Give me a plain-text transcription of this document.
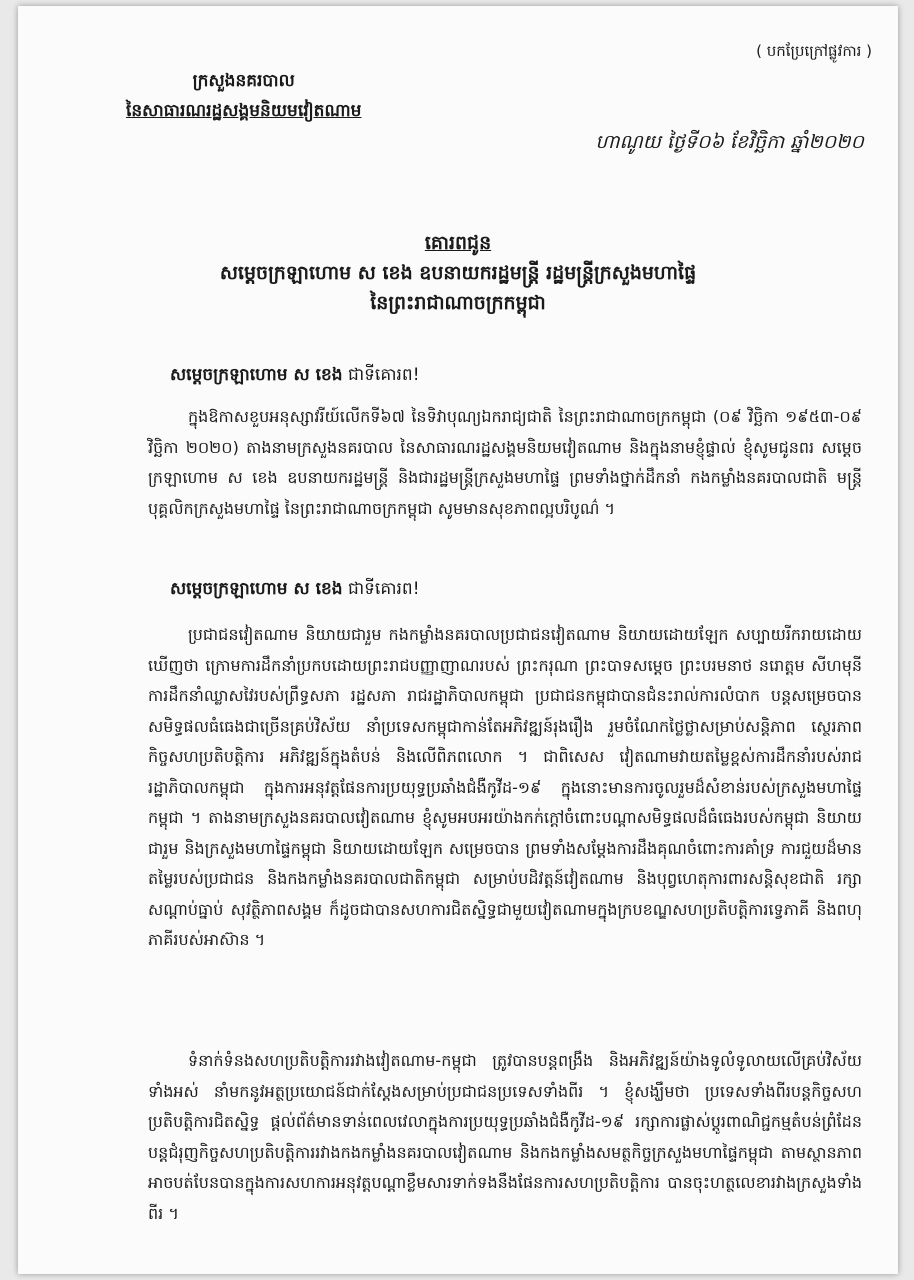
( បកប្រែក្រៅផ្លូវការ )
ក្រសួងនគរបាល
នៃសាធារណរដ្ឋសង្គមនិយមវៀតណាម
ហាណូយ ថ្ងៃទី០៦ ខែវិច្ឆិកា ឆ្នាំ២០២០
គោរពជូន
សម្តេចក្រឡាហោម ស ខេង ឧបនាយករដ្ឋមន្ត្រី រដ្ឋមន្ត្រីក្រសួងមហាផ្ទៃ
នៃព្រះរាជាណាចក្រកម្ពុជា
សម្តេចក្រឡាហោម ស ខេង ជាទីគោរព!
ក្នុងឱកាសខួបអនុស្សាវរីយ៍លើកទី៦៧ នៃទិវាបុណ្យឯករាជ្យជាតិ នៃព្រះរាជាណាចក្រកម្ពុជា (០៩ វិច្ឆិកា ១៩៥៣-០៩ វិច្ឆិកា ២០២០) តាងនាមក្រសួងនគរបាល នៃសាធារណរដ្ឋសង្គមនិយមវៀតណាម និងក្នុងនាមខ្ញុំផ្ទាល់ ខ្ញុំសូមជូនពរ សម្តេចក្រឡាហោម ស ខេង ឧបនាយករដ្ឋមន្ត្រី និងជារដ្ឋមន្ត្រីក្រសួងមហាផ្ទៃ ព្រមទាំងថ្នាក់ដឹកនាំ កងកម្លាំងនគរបាលជាតិ មន្ត្រី បុគ្គលិកក្រសួងមហាផ្ទៃ នៃព្រះរាជាណាចក្រកម្ពុជា សូមមានសុខភាពល្អបរិបូណ៌ ។
សម្តេចក្រឡាហោម ស ខេង ជាទីគោរព!
ប្រជាជនវៀតណាម និយាយជារួម កងកម្លាំងនគរបាលប្រជាជនវៀតណាម និយាយដោយឡែក សប្បាយរីករាយដោយឃើញថា ក្រោមការដឹកនាំប្រកបដោយព្រះរាជបញ្ញាញាណរបស់ ព្រះករុណា ព្រះបាទសម្តេច ព្រះបរមនាថ នរោត្តម សីហមុនី ការដឹកនាំឈ្លាសវៃរបស់ព្រឹទ្ធសភា រដ្ឋសភា រាជរដ្ឋាភិបាលកម្ពុជា ប្រជាជនកម្ពុជាបានជំនះរាល់ការលំបាក បន្តសម្រេចបានសមិទ្ធផលធំធេងជាច្រើនគ្រប់វិស័យ នាំប្រទេសកម្ពុជាកាន់តែអភិវឌ្ឍន៍រុងរឿង រួមចំណែកថ្លៃថ្លាសម្រាប់សន្តិភាព ស្ថេរភាព កិច្ចសហប្រតិបត្តិការ អភិវឌ្ឍន៍ក្នុងតំបន់ និងលើពិភពលោក ។ ជាពិសេស វៀតណាមវាយតម្លៃខ្ពស់ការដឹកនាំរបស់រាជរដ្ឋាភិបាលកម្ពុជា ក្នុងការអនុវត្តផែនការប្រយុទ្ធប្រឆាំងជំងឺកូវីដ-១៩ ក្នុងនោះមានការចូលរួមដ៏សំខាន់របស់ក្រសួងមហាផ្ទៃកម្ពុជា ។ តាងនាមក្រសួងនគរបាលវៀតណាម ខ្ញុំសូមអបអរយ៉ាងកក់ក្តៅចំពោះបណ្តាសមិទ្ធផលដ៏ធំធេងរបស់កម្ពុជា និយាយជារួម និងក្រសួងមហាផ្ទៃកម្ពុជា និយាយដោយឡែក សម្រេចបាន ព្រមទាំងសម្តែងការដឹងគុណចំពោះការគាំទ្រ ការជួយដ៏មានតម្លៃរបស់ប្រជាជន និងកងកម្លាំងនគរបាលជាតិកម្ពុជា សម្រាប់បដិវត្តន៍វៀតណាម និងបុព្វហេតុការពារសន្តិសុខជាតិ រក្សាសណ្តាប់ធ្នាប់ សុវត្ថិភាពសង្គម ក៏ដូចជាបានសហការជិតស្និទ្ធជាមួយវៀតណាមក្នុងក្របខណ្ឌសហប្រតិបត្តិការទ្វេភាគី និងពហុភាគីរបស់អាស៊ាន ។
ទំនាក់ទំនងសហប្រតិបត្តិការរវាងវៀតណាម-កម្ពុជា ត្រូវបានបន្តពង្រឹង និងអភិវឌ្ឍន៍យ៉ាងទូលំទូលាយលើគ្រប់វិស័យទាំងអស់ នាំមកនូវអត្ថប្រយោជន៍ជាក់ស្តែងសម្រាប់ប្រជាជនប្រទេសទាំងពីរ ។ ខ្ញុំសង្ឃឹមថា ប្រទេសទាំងពីរបន្តកិច្ចសហប្រតិបត្តិការជិតស្និទ្ធ ផ្តល់ព័ត៌មានទាន់ពេលវេលាក្នុងការប្រយុទ្ធប្រឆាំងជំងឺកូវីដ-១៩ រក្សាការផ្លាស់ប្តូរពាណិជ្ជកម្មតំបន់ព្រំដែន បន្តជំរុញកិច្ចសហប្រតិបត្តិការរវាងកងកម្លាំងនគរបាលវៀតណាម និងកងកម្លាំងសមត្ថកិច្ចក្រសួងមហាផ្ទៃកម្ពុជា តាមស្ថានភាពអាចបត់បែនបានក្នុងការសហការអនុវត្តបណ្តាខ្លឹមសារទាក់ទងនឹងផែនការសហប្រតិបត្តិការ បានចុះហត្ថលេខារវាងក្រសួងទាំងពីរ ។
